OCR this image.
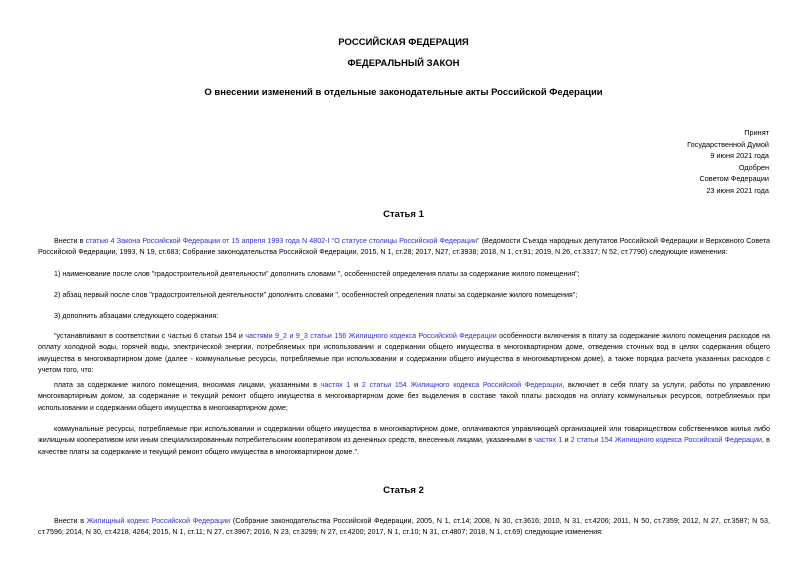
РОССИЙСКАЯ ФЕДЕРАЦИЯ
ФЕДЕРАЛЬНЫЙ ЗАКОН
О внесении изменений в отдельные законодательные акты Российской Федерации
Принят
Государственной Думой
9 июня 2021 года
Одобрен
Советом Федерации
23 июня 2021 года
Статья 1
Внести в статью 4 Закона Российской Федерации от 15 апреля 1993 года N 4802-I "О статусе столицы Российской Федерации" (Ведомости Съезда народных депутатов Российской Федерации и Верховного Совета Российской Федерации, 1993, N 19, ст.683; Собрание законодательства Российской Федерации, 2015, N 1, ст.28; 2017, N27, ст.3938; 2018, N 1, ст.91; 2019, N 26, ст.3317; N 52, ст.7790) следующие изменения:
1) наименование после слов "градостроительной деятельности" дополнить словами ", особенностей определения платы за содержание жилого помещения";
2) абзац первый после слов "градостроительной деятельности" дополнить словами ", особенностей определения платы за содержание жилого помещения";
3) дополнить абзацами следующего содержания:
"устанавливают в соответствии с частью 6 статьи 154 и частями 9_2 и 9_3 статьи 156 Жилищного кодекса Российской Федерации особенности включения в плату за содержание жилого помещения расходов на оплату холодной воды, горячей воды, электрической энергии, потребляемых при использовании и содержании общего имущества в многоквартирном доме, отведения сточных вод в целях содержания общего имущества в многоквартирном доме (далее - коммунальные ресурсы, потребляемые при использовании и содержании общего имущества в многоквартирном доме), а также порядка расчета указанных расходов с учетом того, что:
плата за содержание жилого помещения, вносимая лицами, указанными в частях 1 и 2 статьи 154 Жилищного кодекса Российской Федерации, включает в себя плату за услуги, работы по управлению многоквартирным домом, за содержание и текущий ремонт общего имущества в многоквартирном доме без выделения в составе такой платы расходов на оплату коммунальных ресурсов, потребляемых при использовании и содержании общего имущества в многоквартирном доме;
коммунальные ресурсы, потребляемые при использовании и содержании общего имущества в многоквартирном доме, оплачиваются управляющей организацией или товариществом собственников жилья либо жилищным кооперативом или иным специализированным потребительским кооперативом из денежных средств, внесенных лицами, указанными в частях 1 и 2 статьи 154 Жилищного кодекса Российской Федерации, в качестве платы за содержание и текущий ремонт общего имущества в многоквартирном доме.".
Статья 2
Внести в Жилищный кодекс Российской Федерации (Собрание законодательства Российской Федерации, 2005, N 1, ст.14; 2008, N 30, ст.3616; 2010, N 31, ст.4206; 2011, N 50, ст.7359; 2012, N 27, ст.3587; N 53, ст.7596; 2014, N 30, ст.4218, 4264; 2015, N 1, ст.11; N 27, ст.3967; 2016, N 23, ст.3299; N 27, ст.4200; 2017, N 1, ст.10; N 31, ст.4807; 2018, N 1, ст.69) следующие изменения:
